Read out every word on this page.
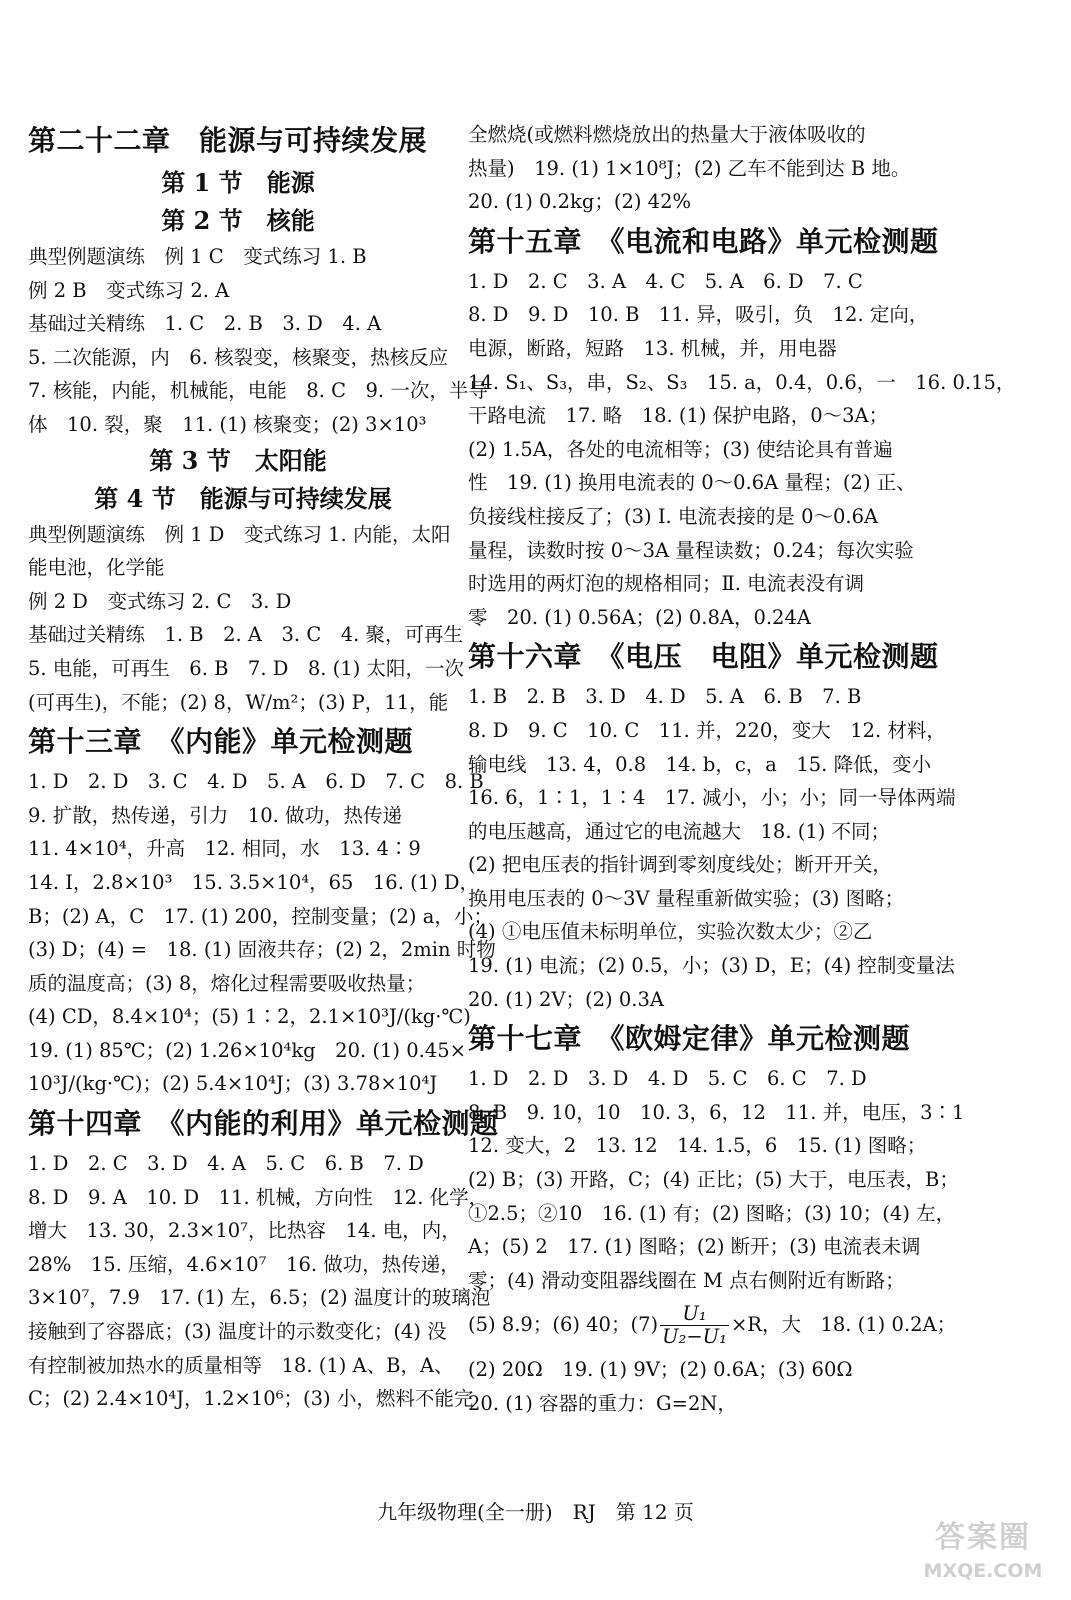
第二十二章　能源与可持续发展
第 1 节　能源
第 2 节　核能
典型例题演练　例 1 C　变式练习 1. B
例 2 B　变式练习 2. A
基础过关精练　1. C　2. B　3. D　4. A
5. 二次能源，内　6. 核裂变，核聚变，热核反应
7. 核能，内能，机械能，电能　8. C　9. 一次，半导
体　10. 裂，聚　11. (1) 核聚变；(2) 3×10³
第 3 节　太阳能
第 4 节　能源与可持续发展
典型例题演练　例 1 D　变式练习 1. 内能，太阳
能电池，化学能
例 2 D　变式练习 2. C　3. D
基础过关精练　1. B　2. A　3. C　4. 聚，可再生
5. 电能，可再生　6. B　7. D　8. (1) 太阳，一次
(可再生)，不能；(2) 8，W/m²；(3) P，11，能
第十三章　《内能》单元检测题
1. D　2. D　3. C　4. D　5. A　6. D　7. C　8. B
9. 扩散，热传递，引力　10. 做功，热传递
11. 4×10⁴，升高　12. 相同，水　13. 4∶9
14. Ⅰ，2.8×10³　15. 3.5×10⁴，65　16. (1) D，
B；(2) A，C　17. (1) 200，控制变量；(2) a，小；
(3) D；(4) =　18. (1) 固液共存；(2) 2，2min 时物
质的温度高；(3) 8，熔化过程需要吸收热量；
(4) CD，8.4×10⁴；(5) 1∶2，2.1×10³J/(kg·℃)
19. (1) 85℃；(2) 1.26×10⁴kg　20. (1) 0.45×
10³J/(kg·℃)；(2) 5.4×10⁴J；(3) 3.78×10⁴J
第十四章　《内能的利用》单元检测题
1. D　2. C　3. D　4. A　5. C　6. B　7. D
8. D　9. A　10. D　11. 机械，方向性　12. 化学，
增大　13. 30，2.3×10⁷，比热容　14. 电，内，
28%　15. 压缩，4.6×10⁷　16. 做功，热传递，
3×10⁷，7.9　17. (1) 左，6.5；(2) 温度计的玻璃泡
接触到了容器底；(3) 温度计的示数变化；(4) 没
有控制被加热水的质量相等　18. (1) A、B，A、
C；(2) 2.4×10⁴J，1.2×10⁶；(3) 小，燃料不能完
全燃烧(或燃料燃烧放出的热量大于液体吸收的
热量)　19. (1) 1×10⁸J；(2) 乙车不能到达 B 地。
20. (1) 0.2kg；(2) 42%
第十五章　《电流和电路》单元检测题
1. D　2. C　3. A　4. C　5. A　6. D　7. C
8. D　9. D　10. B　11. 异，吸引，负　12. 定向，
电源，断路，短路　13. 机械，并，用电器
14. S₁、S₃，串，S₂、S₃　15. a，0.4，0.6，一　16. 0.15，
干路电流　17. 略　18. (1) 保护电路，0～3A；
(2) 1.5A，各处的电流相等；(3) 使结论具有普遍
性　19. (1) 换用电流表的 0～0.6A 量程；(2) 正、
负接线柱接反了；(3) Ⅰ. 电流表接的是 0～0.6A
量程，读数时按 0～3A 量程读数；0.24；每次实验
时选用的两灯泡的规格相同；Ⅱ. 电流表没有调
零　20. (1) 0.56A；(2) 0.8A，0.24A
第十六章　《电压　电阻》单元检测题
1. B　2. B　3. D　4. D　5. A　6. B　7. B
8. D　9. C　10. C　11. 并，220，变大　12. 材料，
输电线　13. 4，0.8　14. b，c，a　15. 降低，变小
16. 6，1∶1，1∶4　17. 减小，小；小；同一导体两端
的电压越高，通过它的电流越大　18. (1) 不同；
(2) 把电压表的指针调到零刻度线处；断开开关，
换用电压表的 0～3V 量程重新做实验；(3) 图略；
(4) ①电压值未标明单位，实验次数太少；②乙
19. (1) 电流；(2) 0.5，小；(3) D，E；(4) 控制变量法
20. (1) 2V；(2) 0.3A
第十七章　《欧姆定律》单元检测题
1. D　2. D　3. D　4. D　5. C　6. C　7. D
8. B　9. 10，10　10. 3，6，12　11. 并，电压，3∶1
12. 变大，2　13. 12　14. 1.5，6　15. (1) 图略；
(2) B；(3) 开路，C；(4) 正比；(5) 大于，电压表，B；
①2.5；②10　16. (1) 有；(2) 图略；(3) 10；(4) 左，
A；(5) 2　17. (1) 图略；(2) 断开；(3) 电流表未调
零；(4) 滑动变阻器线圈在 M 点右侧附近有断路；
(5) 8.9；(6) 40；$(7) \frac{\text{U₁}}{\text{U₂−U₁}} \times R$，大　18. (1) 0.2A；
(2) 20Ω　19. (1) 9V；(2) 0.6A；(3) 60Ω
20. (1) 容器的重力：G=2N，
九年级物理(全一册)　RJ　第 12 页
答案圈
MXQE.COM
